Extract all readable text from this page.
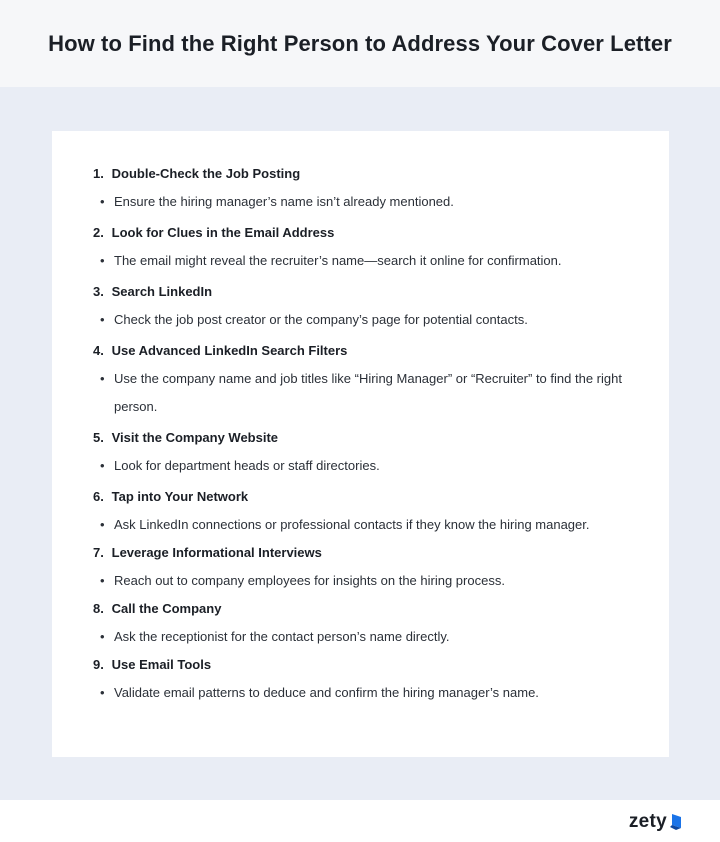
How to Find the Right Person to Address Your Cover Letter
1. Double-Check the Job Posting
• Ensure the hiring manager’s name isn’t already mentioned.
2. Look for Clues in the Email Address
• The email might reveal the recruiter’s name—search it online for confirmation.
3. Search LinkedIn
• Check the job post creator or the company’s page for potential contacts.
4. Use Advanced LinkedIn Search Filters
• Use the company name and job titles like “Hiring Manager” or “Recruiter” to find the right person.
5. Visit the Company Website
• Look for department heads or staff directories.
6. Tap into Your Network
• Ask LinkedIn connections or professional contacts if they know the hiring manager.
7. Leverage Informational Interviews
• Reach out to company employees for insights on the hiring process.
8. Call the Company
• Ask the receptionist for the contact person’s name directly.
9. Use Email Tools
• Validate email patterns to deduce and confirm the hiring manager’s name.
zety
